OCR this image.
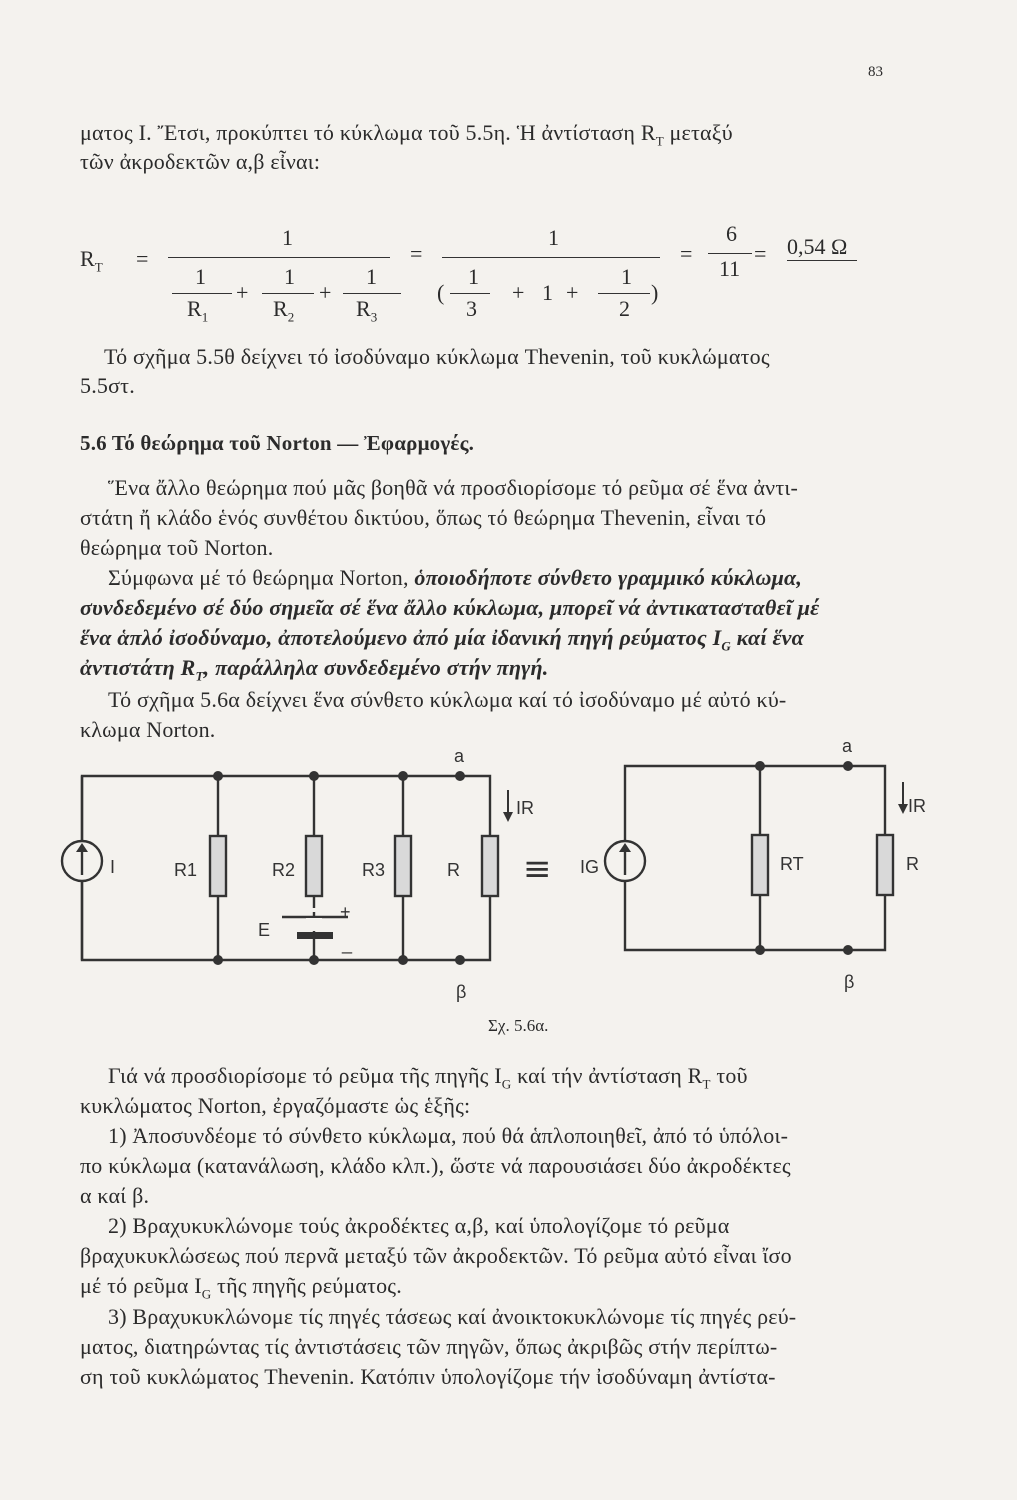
83
ματος I. Ἔτσι, προκύπτει τό κύκλωμα τοῦ 5.5η. Ἡ ἀντίσταση $R_T$ μεταξύ
τῶν ἀκροδεκτῶν α,β εἶναι:
$R_T$ =
1
1
$R_1$
+
1
$R_2$
+
1
$R_3$
=
1
(
1
3
+ 1 +
1
2
)
=
6
11
= 0,54 Ω
Τό σχῆμα 5.5θ δείχνει τό ἰσοδύναμο κύκλωμα Thevenin, τοῦ κυκλώματος
5.5στ.
5.6 Τό θεώρημα τοῦ Norton — Ἐφαρμογές.
Ἕνα ἄλλο θεώρημα πού μᾶς βοηθᾶ νά προσδιορίσομε τό ρεῦμα σέ ἕνα ἀντι-
στάτη ἤ κλάδο ἑνός συνθέτου δικτύου, ὅπως τό θεώρημα Thevenin, εἶναι τό
θεώρημα τοῦ Norton.
Σύμφωνα μέ τό θεώρημα Norton, ὁποιοδήποτε σύνθετο γραμμικό κύκλωμα,
συνδεδεμένο σέ δύο σημεῖα σέ ἕνα ἄλλο κύκλωμα, μπορεῖ νά ἀντικατασταθεῖ μέ
ἕνα ἁπλό ἰσοδύναμο, ἀποτελούμενο ἀπό μία ἰδανική πηγή ρεύματος $I_G$ καί ἕνα
ἀντιστάτη $R_T$, παράλληλα συνδεδεμένο στήν πηγή.
Τό σχῆμα 5.6α δείχνει ἕνα σύνθετο κύκλωμα καί τό ἰσοδύναμο μέ αὐτό κύ-
κλωμα Norton.
I	R1	R2
E
+
_
R3	R
a
β
IR
≡ IG	RT	R
a
β
IR
Σχ. 5.6α.
Γιά νά προσδιορίσομε τό ρεῦμα τῆς πηγῆς $I_G$ καί τήν ἀντίσταση $R_T$ τοῦ
κυκλώματος Norton, ἐργαζόμαστε ὡς ἑξῆς:
1) Ἀποσυνδέομε τό σύνθετο κύκλωμα, πού θά ἁπλοποιηθεῖ, ἀπό τό ὑπόλοι-
πο κύκλωμα (κατανάλωση, κλάδο κλπ.), ὥστε νά παρουσιάσει δύο ἀκροδέκτες
α καί β.
2) Βραχυκυκλώνομε τούς ἀκροδέκτες α,β, καί ὑπολογίζομε τό ρεῦμα
βραχυκυκλώσεως πού περνᾶ μεταξύ τῶν ἀκροδεκτῶν. Τό ρεῦμα αὐτό εἶναι ἴσο
μέ τό ρεῦμα $I_G$ τῆς πηγῆς ρεύματος.
3) Βραχυκυκλώνομε τίς πηγές τάσεως καί ἀνοικτοκυκλώνομε τίς πηγές ρεύ-
ματος, διατηρώντας τίς ἀντιστάσεις τῶν πηγῶν, ὅπως ἀκριβῶς στήν περίπτω-
ση τοῦ κυκλώματος Thevenin. Κατόπιν ὑπολογίζομε τήν ἰσοδύναμη ἀντίστα-
